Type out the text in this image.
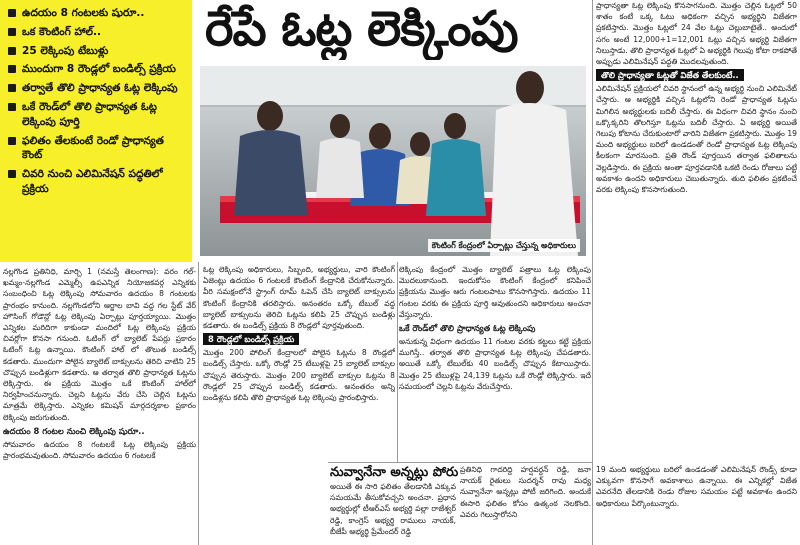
ఉదయం 8 గంటలకు షురూ..
ఒక కౌంటింగ్ హాల్..
25 లెక్కింపు టేబుళ్లు
ముందుగా 8 రౌండ్లలో బండిల్స్ ప్రక్రియ
తర్వాతే తొలి ప్రాధాన్యత ఓట్ల లెక్కింపు
ఒకే రౌండ్‌లో తొలి ప్రాధాన్యత ఓట్ల లెక్కింపు పూర్తి
ఫలితం తేలకుంటే రెండో ప్రాధాన్యత కౌంట్
చివరి నుంచి ఎలిమినేషన్ పద్ధతిలో ప్రక్రియ
రేపే ఓట్ల లెక్కింపు
కౌంటింగ్ కేంద్రంలో ఏర్పాట్లు చేస్తున్న అధికారులు

నల్లగొండ ప్రతినిధి, మార్చి 1 (నమస్తే తెలంగాణ): వరం గల్-ఖమ్మం-నల్లగొండ ఎమ్మెల్సీ ఉపఎన్నిక నియోజకవర్గ ఎన్నికకు సంబంధించి ఓట్ల లెక్కింపు సోమవారం ఉదయం 8 గంటలకు ప్రారంభం కానుంది. నల్లగొండలోని ఆర్జాల బావి వద్ద గల స్టేట్ వేర్ హౌసింగ్ గోడౌన్లో ఓట్ల లెక్కింపు ఏర్పాట్లు పూర్తయ్యాయి. మొత్తం ఎన్నికల మరిదిగా కాకుండా మందిలో ఓట్ల లెక్కింపు ప్రక్రియ చివర్లోగా కొనసా గనుంది. ఓటింగ్ లో బ్యాలెట్ పేపర్లు ప్రకారం ఓటింగ్ ఓట్ల ఉన్నాయి. కౌంటింగ్ హాల్ లో తొలుత బండిల్స్ కడతారు. ముందుగా పోలైన బ్యాలెట్ బాక్సులను తెరిచి వాటిని 25 చొప్పున బండిళ్లుగా కడతారు. ఆ తర్వాత తొలి ప్రాధాన్యత ఓట్లను లెక్కిస్తారు. ఈ ప్రక్రియ మొత్తం ఒకే కౌంటింగ్ హాల్‌లో నిర్వహించనున్నారు. చెల్లని ఓట్లను వేరు చేసి చెల్లిన ఓట్లను మాత్రమే లెక్కిస్తారు. ఎన్నికల కమిషన్ మార్గదర్శకాల ప్రకారం లెక్కింపు జరుగుతుంది.

ఉదయం 8 గంటల నుంచి లెక్కింపు షురూ..

సోమవారం ఉదయం 8 గంటలకే ఓట్ల లెక్కింపు ప్రక్రియ ప్రారంభమవుతుంది. సోమవారం ఉదయం 6 గంటలకే

ఓట్ల లెక్కింపు అధికారులు, సిబ్బంది, అభ్యర్థులు, వారి కౌంటింగ్ ఏజెంట్లు ఉదయం 6 గంటలకే కౌంటింగ్ కేంద్రానికి చేరుకోనున్నారు. వీరి సమక్షంలోనే స్ట్రాంగ్ రూమ్ ఓపెన్ చేసి బ్యాలెట్ బాక్సులను కౌంటింగ్ కేంద్రానికి తరలిస్తారు. అనంతరం ఒక్కో టేబుల్ వద్ద బ్యాలెట్ బాక్సులను తెరిచి ఓట్లను కలిపి 25 చొప్పున బండిళ్లు కడతారు. ఈ బండిల్స్ ప్రక్రియ 8 రౌండ్లలో పూర్తవుతుంది.

8 రౌండ్లలో బండిల్స్ ప్రక్రియ

మొత్తం 200 పోలింగ్ కేంద్రాలలో పోలైన ఓట్లను 8 రౌండ్లలో బండిల్స్ చేస్తారు. ఒక్కో రౌండ్లో 25 టేబుళ్లపై 25 బ్యాలెట్ బాక్సుల చొప్పున తెరుస్తారు. మొత్తం 200 బ్యాలెట్ బాక్సుల ఓట్లను 8 రౌండ్లలో 25 చొప్పున బండిల్స్ కడతారు. అనంతరం అన్ని బండిళ్లను కలిపి తొలి ప్రాధాన్యత ఓట్ల లెక్కింపు ప్రారంభిస్తారు.

లెక్కింపు కేంద్రంలో మొత్తం బ్యాలెట్ పత్రాలు ఓట్ల లెక్కింపు మొదలుకానుంది. ఇందుకోసం కౌంటింగ్ కేంద్రంలో కనిపించే ప్రక్రియను మొత్తం ఆరు గంటలపాటు కొనసాగిస్తారు. ఉదయం 11 గంటల వరకు ఈ ప్రక్రియ పూర్తి అవుతుందని అధికారులు అంచనా వేస్తున్నారు.

ఒకే రౌండ్‌లో తొలి ప్రాధాన్యత ఓట్ల లెక్కింపు

అనుకున్న విధంగా ఉదయం 11 గంటల వరకు కట్టలు కట్టే ప్రక్రియ ముగిస్తే.. తర్వాత తొలి ప్రాధాన్యత ఓట్ల లెక్కింపు చేపడతారు. అయితే ఒక్కో టేబుల్‌కు 40 బండిల్స్ చొప్పున కేటాయిస్తారు. మొత్తం 25 టేబుళ్లపై 24,139 ఓట్లను ఒకే రౌండ్లో లెక్కిస్తారు. ఇదే సమయంలో చెల్లని ఓట్లను వేరుచేస్తారు.

ప్రాధాన్యతా ఓట్ల లెక్కింపు కొనసాగనుంది. మొత్తం చెల్లిన ఓట్లలో 50 శాతం కంటే ఒక్క ఓటు అధికంగా వచ్చిన అభ్యర్థిని విజేతగా ప్రకటిస్తారు. మొత్తం ఓట్లలో 24 వేల ఓట్లు చెల్లుబాటైతే.. అందులో సగం అంటే 12,000+1=12,001 ఓట్లు వచ్చిన అభ్యర్థి విజేతగా నిలుస్తాడు. తొలి ప్రాధాన్యత ఓట్లలో ఏ అభ్యర్థికి గెలుపు కోటా రాకపోతే అప్పుడు ఎలిమినేషన్ పద్ధతి మొదలవుతుంది.

తొలి ప్రాధాన్యతా ఓట్లతో విజేత తేలకుంటే..

ఎలిమినేషన్ ప్రక్రియలో చివరి స్థానంలో ఉన్న అభ్యర్థి నుంచి ఎలిమినేట్ చేస్తారు. ఆ అభ్యర్థికి వచ్చిన ఓట్లలోని రెండో ప్రాధాన్యత ఓట్లను మిగిలిన అభ్యర్థులకు బదిలీ చేస్తారు. ఈ విధంగా చివరి స్థానం నుంచి ఒక్కొక్కరిని తొలగిస్తూ ఓట్లను బదిలీ చేస్తారు. ఏ అభ్యర్థి అయితే గెలుపు కోటాను చేరుకుంటారో వారిని విజేతగా ప్రకటిస్తారు. మొత్తం 19 మంది అభ్యర్థులు బరిలో ఉండడంతో రెండో ప్రాధాన్యత ఓట్ల లెక్కింపు కీలకంగా మారనుంది. ప్రతి రౌండ్ పూర్తయిన తర్వాత ఫలితాలను వెల్లడిస్తారు. ఈ ప్రక్రియ అంతా పూర్తవడానికి ఒకటి రెండు రోజులు పట్టే అవకాశం ఉందని అధికారులు చెబుతున్నారు. తుది ఫలితం ప్రకటించే వరకు లెక్కింపు కొనసాగుతుంది.

నువ్వానేనా అన్నట్లు పోరు
అయితే ఈ సారి ఫలితం తేలడానికి ఎక్కువ సమయమే తీసుకోవచ్చని అంచనా. ప్రధాన అభ్యర్థుల్లో టీఆర్ఎస్ అభ్యర్థి పల్లా రాజేశ్వర్ రెడ్డి, కాంగ్రెస్ అభ్యర్థి రాములు నాయక్, బీజేపీ అభ్యర్థి ప్రేమేందర్ రెడ్డి
ప్రతినిధి గాదరిద్ది హర్షవర్ధన్ రెడ్డి, జనా నాయక్ రైతులు సుదర్శన్ రావు మధ్య నువ్వానేనా అన్నట్లు పోటీ జరిగింది. అందుకే ఈసారి ఫలితం కోసం ఉత్కంఠ నెలకొంది. ఎవరు గెలుస్తారోనని
19 మంది అభ్యర్థులు బరిలో ఉండడంతో ఎలిమినేషన్ రౌండ్స్ కూడా ఎక్కువగా కొనసాగే అవకాశాలు ఉన్నాయి. ఈ ఎన్నికల్లో విజేత ఎవరనేది తేలడానికి రెండు రోజుల సమయం పట్టే అవకాశం ఉందని అధికారులు పేర్కొంటున్నారు.
